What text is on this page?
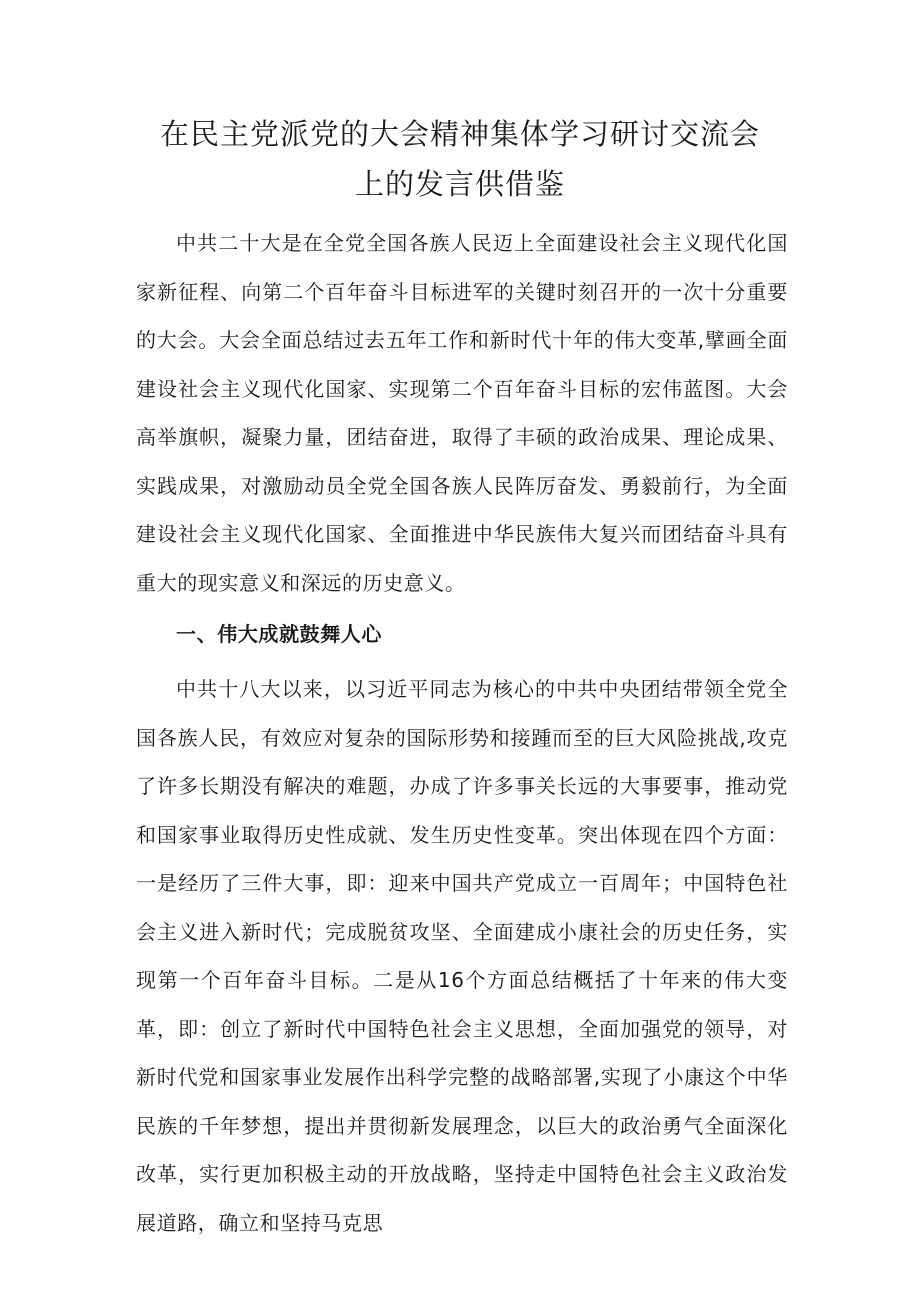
在民主党派党的大会精神集体学习研讨交流会
上的发言供借鉴

中共二十大是在全党全国各族人民迈上全面建设社会主义现代化国家新征程、向第二个百年奋斗目标进军的关键时刻召开的一次十分重要的大会。大会全面总结过去五年工作和新时代十年的伟大变革,擘画全面建设社会主义现代化国家、实现第二个百年奋斗目标的宏伟蓝图。大会高举旗帜，凝聚力量，团结奋进，取得了丰硕的政治成果、理论成果、实践成果，对激励动员全党全国各族人民阵厉奋发、勇毅前行，为全面建设社会主义现代化国家、全面推进中华民族伟大复兴而团结奋斗具有重大的现实意义和深远的历史意义。

一、伟大成就鼓舞人心

中共十八大以来，以习近平同志为核心的中共中央团结带领全党全国各族人民，有效应对复杂的国际形势和接踵而至的巨大风险挑战,攻克了许多长期没有解决的难题，办成了许多事关长远的大事要事，推动党和国家事业取得历史性成就、发生历史性变革。突出体现在四个方面：一是经历了三件大事，即：迎来中国共产党成立一百周年；中国特色社会主义进入新时代；完成脱贫攻坚、全面建成小康社会的历史任务，实现第一个百年奋斗目标。二是从16个方面总结概括了十年来的伟大变革，即：创立了新时代中国特色社会主义思想，全面加强党的领导，对新时代党和国家事业发展作出科学完整的战略部署,实现了小康这个中华民族的千年梦想，提出并贯彻新发展理念，以巨大的政治勇气全面深化改革，实行更加积极主动的开放战略，坚持走中国特色社会主义政治发展道路，确立和坚持马克思
